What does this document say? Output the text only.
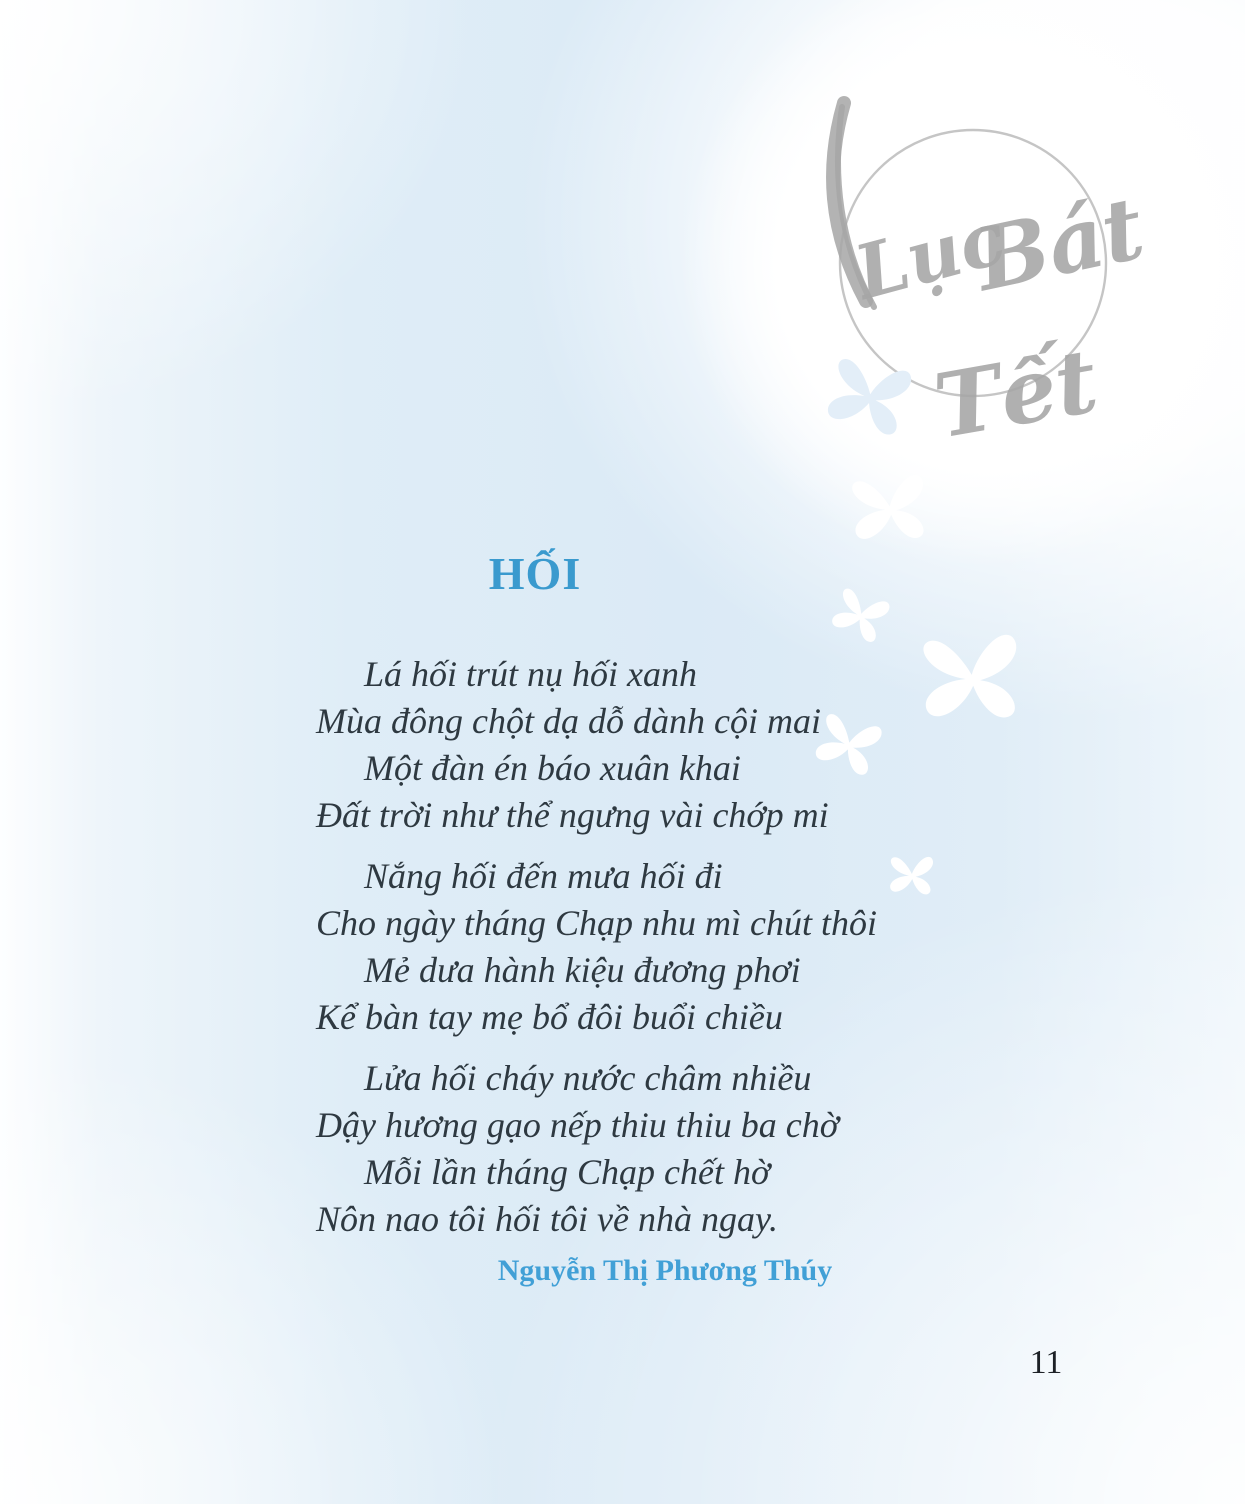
Lục
Bát
Tết
HỐI

Lá hối trút nụ hối xanh

Mùa đông chột dạ dỗ dành cội mai

Một đàn én báo xuân khai

Đất trời như thể ngưng vài chớp mi

Nắng hối đến mưa hối đi

Cho ngày tháng Chạp nhu mì chút thôi

Mẻ dưa hành kiệu đương phơi

Kể bàn tay mẹ bổ đôi buổi chiều

Lửa hối cháy nước châm nhiều

Dậy hương gạo nếp thiu thiu ba chờ

Mỗi lần tháng Chạp chết hờ

Nôn nao tôi hối tôi về nhà ngay.

Nguyễn Thị Phương Thúy
11
